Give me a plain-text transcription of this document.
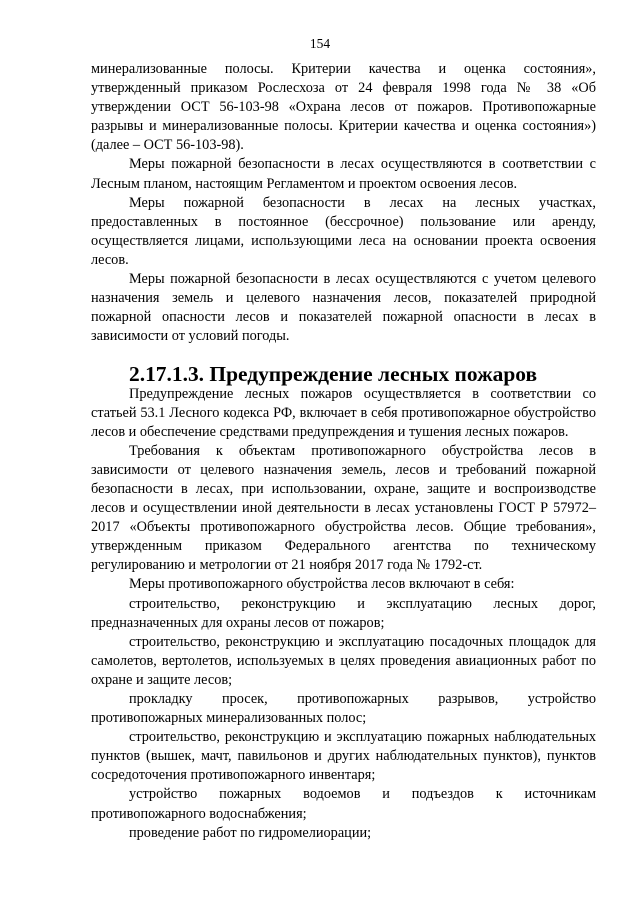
154

минерализованные полосы. Критерии качества и оценка состояния», утвержденный приказом Рослесхоза от 24 февраля 1998 года № 38 «Об утверждении ОСТ 56-103-98 «Охрана лесов от пожаров. Противопожарные разрывы и минерализованные полосы. Критерии качества и оценка состояния») (далее – ОСТ 56-103-98).

Меры пожарной безопасности в лесах осуществляются в соответствии с Лесным планом, настоящим Регламентом и проектом освоения лесов.

Меры пожарной безопасности в лесах на лесных участках, предоставленных в постоянное (бессрочное) пользование или аренду, осуществляется лицами, использующими леса на основании проекта освоения лесов.

Меры пожарной безопасности в лесах осуществляются с учетом целевого назначения земель и целевого назначения лесов, показателей природной пожарной опасности лесов и показателей пожарной опасности в лесах в зависимости от условий погоды.

2.17.1.3. Предупреждение лесных пожаров

Предупреждение лесных пожаров осуществляется в соответствии со статьей 53.1 Лесного кодекса РФ, включает в себя противопожарное обустройство лесов и обеспечение средствами предупреждения и тушения лесных пожаров.

Требования к объектам противопожарного обустройства лесов в зависимости от целевого назначения земель, лесов и требований пожарной безопасности в лесах, при использовании, охране, защите и воспроизводстве лесов и осуществлении иной деятельности в лесах установлены ГОСТ Р 57972–2017 «Объекты противопожарного обустройства лесов. Общие требования», утвержденным приказом Федерального агентства по техническому регулированию и метрологии от 21 ноября 2017 года № 1792-ст.

Меры противопожарного обустройства лесов включают в себя:

строительство, реконструкцию и эксплуатацию лесных дорог, предназначенных для охраны лесов от пожаров;

строительство, реконструкцию и эксплуатацию посадочных площадок для самолетов, вертолетов, используемых в целях проведения авиационных работ по охране и защите лесов;

прокладку просек, противопожарных разрывов, устройство противопожарных минерализованных полос;

строительство, реконструкцию и эксплуатацию пожарных наблюдательных пунктов (вышек, мачт, павильонов и других наблюдательных пунктов), пунктов сосредоточения противопожарного инвентаря;

устройство пожарных водоемов и подъездов к источникам противопожарного водоснабжения;

проведение работ по гидромелиорации;
